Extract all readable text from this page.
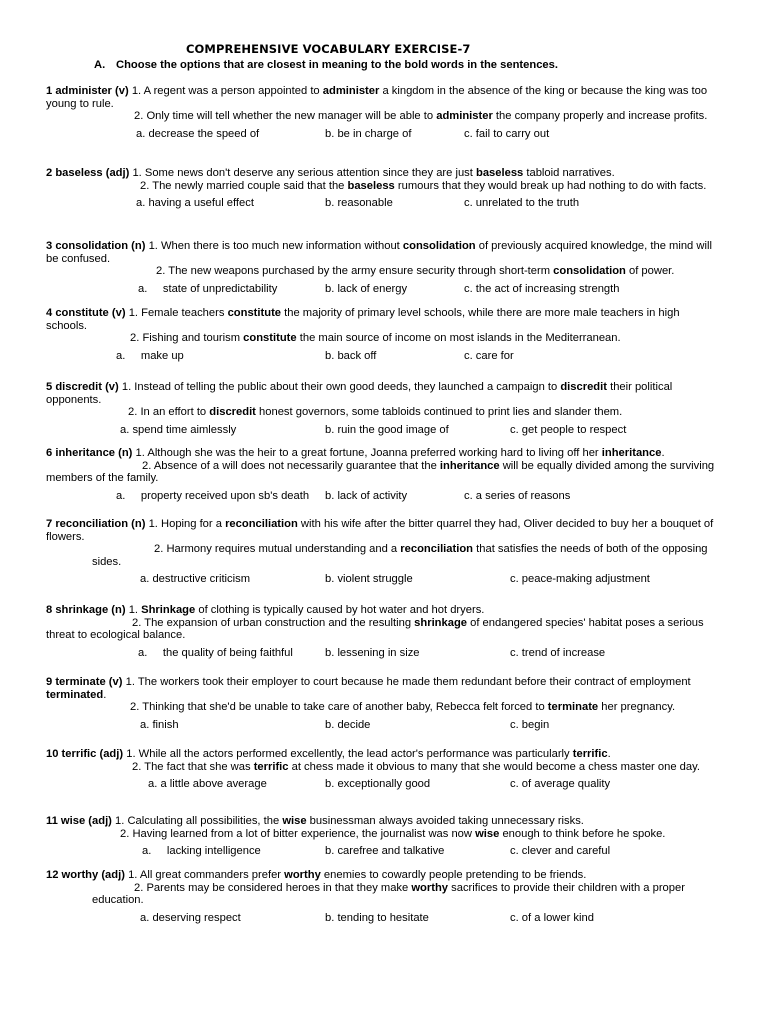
COMPREHENSIVE VOCABULARY EXERCISE-7
A. Choose the options that are closest in meaning to the bold words in the sentences.
1 administer (v) 1. A regent was a person appointed to administer a kingdom in the absence of the king or because the king was too young to rule.
2. Only time will tell whether the new manager will be able to administer the company properly and increase profits.
a. decrease the speed of	b. be in charge of	c. fail to carry out
2 baseless (adj) 1. Some news don't deserve any serious attention since they are just baseless tabloid narratives.
2. The newly married couple said that the baseless rumours that they would break up had nothing to do with facts.
a. having a useful effect	b. reasonable	c. unrelated to the truth
3 consolidation (n) 1. When there is too much new information without consolidation of previously acquired knowledge, the mind will be confused.
2. The new weapons purchased by the army ensure security through short-term consolidation of power.
a.     state of unpredictability	b. lack of energy	c. the act of increasing strength
4 constitute (v) 1. Female teachers constitute the majority of primary level schools, while there are more male teachers in high schools.
2. Fishing and tourism constitute the main source of income on most islands in the Mediterranean.
a.     make up	b. back off	c. care for
5 discredit (v) 1. Instead of telling the public about their own good deeds, they launched a campaign to discredit their political opponents.
2. In an effort to discredit honest governors, some tabloids continued to print lies and slander them.
a. spend time aimlessly	b. ruin the good image of	c. get people to respect
6 inheritance (n) 1. Although she was the heir to a great fortune, Joanna preferred working hard to living off her inheritance.
2. Absence of a will does not necessarily guarantee that the inheritance will be equally divided among the surviving members of the family.
a.     property received upon sb's death b. lack of activity	c. a series of reasons
7 reconciliation (n) 1. Hoping for a reconciliation with his wife after the bitter quarrel they had, Oliver decided to buy her a bouquet of flowers.
2. Harmony requires mutual understanding and a reconciliation that satisfies the needs of both of the opposing sides.
a. destructive criticism	b. violent struggle	c. peace-making adjustment
8 shrinkage (n) 1. Shrinkage of clothing is typically caused by hot water and hot dryers.
2. The expansion of urban construction and the resulting shrinkage of endangered species' habitat poses a serious threat to ecological balance.
a.     the quality of being faithful	b. lessening in size	c. trend of increase
9 terminate (v) 1. The workers took their employer to court because he made them redundant before their contract of employment terminated.
2. Thinking that she'd be unable to take care of another baby, Rebecca felt forced to terminate her pregnancy.
a. finish	b. decide	c. begin
10 terrific (adj) 1. While all the actors performed excellently, the lead actor's performance was particularly terrific.
2. The fact that she was terrific at chess made it obvious to many that she would become a chess master one day.
a. a little above average	b. exceptionally good	c. of average quality
11 wise (adj) 1. Calculating all possibilities, the wise businessman always avoided taking unnecessary risks.
2. Having learned from a lot of bitter experience, the journalist was now wise enough to think before he spoke.
a.     lacking intelligence	b. carefree and talkative	c. clever and careful
12 worthy (adj) 1. All great commanders prefer worthy enemies to cowardly people pretending to be friends.
2. Parents may be considered heroes in that they make worthy sacrifices to provide their children with a proper education.
a. deserving respect	b. tending to hesitate	c. of a lower kind
